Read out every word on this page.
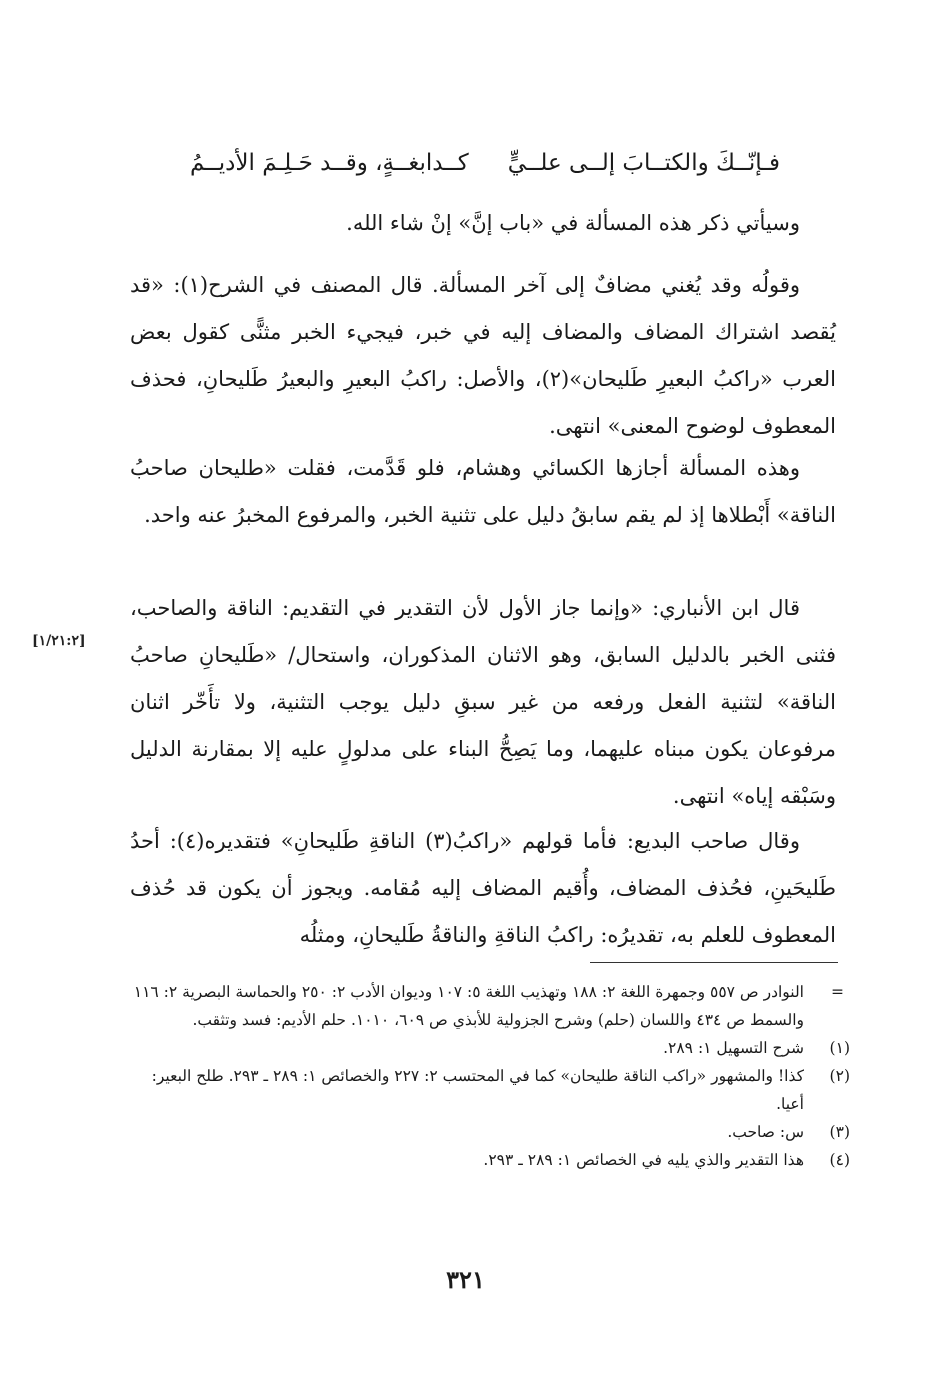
فـإنّــكَ والكتــابَ إلــى علــيٍّ
كــدابغــةٍ، وقــد حَـلِـمَ الأديــمُ

وسيأتي ذكر هذه المسألة في «باب إنَّ» إنْ شاء الله.

وقولُه وقد يُغني مضافٌ إلى آخر المسألة. قال المصنف في الشرح(١): «قد يُقصد اشتراك المضاف والمضاف إليه في خبر، فيجيء الخبر مثنًّى كقول بعض العرب «راكبُ البعيرِ طَليحان»(٢)، والأصل: راكبُ البعيرِ والبعيرُ طَليحانِ، فحذف المعطوف لوضوح المعنى» انتهى.

وهذه المسألة أجازها الكسائي وهشام، فلو قَدَّمت، فقلت «طليحان صاحبُ الناقة» أَبْطلاها إذ لم يقم سابقُ دليل على تثنية الخبر، والمرفوع المخبرُ عنه واحد.

قال ابن الأنباري: «وإنما جاز الأول لأن التقدير في التقديم: الناقة والصاحب، فثنى الخبر بالدليل السابق، وهو الاثنان المذكوران، واستحال/ «طَليحانِ صاحبُ الناقة» لتثنية الفعل ورفعه من غير سبقِ دليل يوجب التثنية، ولا تأَخّر اثنان مرفوعان يكون مبناه عليهما، وما يَصِحُّ البناء على مدلولٍ عليه إلا بمقارنة الدليل وسَبْقه إياه» انتهى.

[١/٢١:٢]

وقال صاحب البديع: فأما قولهم «راكبُ(٣) الناقةِ طَليحانِ» فتقديره(٤): أحدُ طَليحَينِ، فحُذف المضاف، وأُقيم المضاف إليه مُقامه. ويجوز أن يكون قد حُذف المعطوف للعلم به، تقديرُه: راكبُ الناقةِ والناقةُ طَليحانِ، ومثلُه

=
النوادر ص ٥٥٧ وجمهرة اللغة ٢: ١٨٨ وتهذيب اللغة ٥: ١٠٧ وديوان الأدب ٢: ٢٥٠ والحماسة البصرية ٢: ١١٦ والسمط ص ٤٣٤ واللسان (حلم) وشرح الجزولية للأبذي ص ٦٠٩، ١٠١٠. حلم الأديم: فسد وتثقب.
(١)
شرح التسهيل ١: ٢٨٩.
(٢)
كذا! والمشهور «راكب الناقة طليحان» كما في المحتسب ٢: ٢٢٧ والخصائص ١: ٢٨٩ ـ ٢٩٣. طلح البعير: أعيا.
(٣)
س: صاحب.
(٤)
هذا التقدير والذي يليه في الخصائص ١: ٢٨٩ ـ ٢٩٣.
٣٢١
